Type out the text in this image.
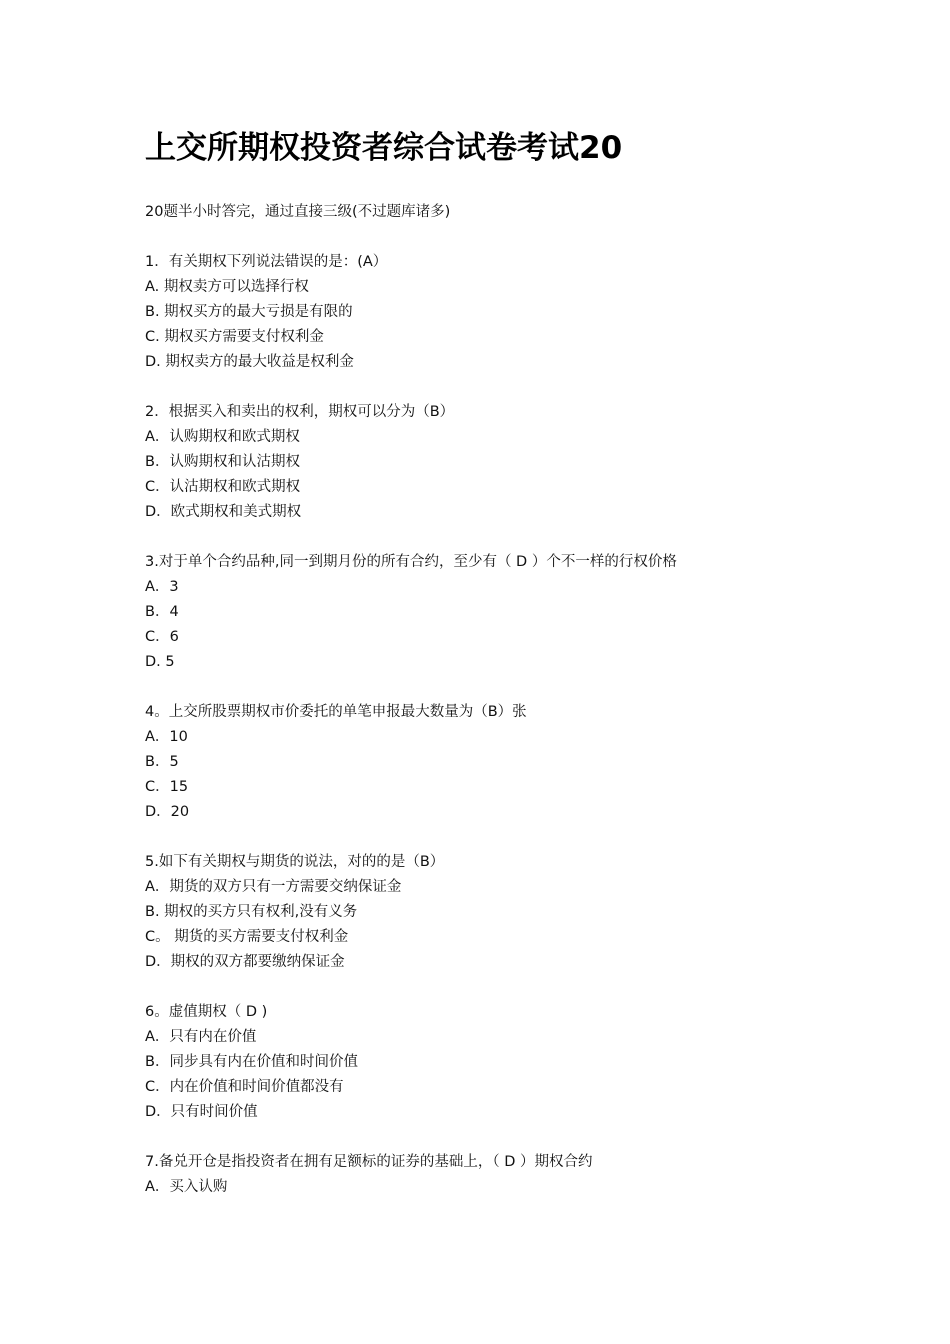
上交所期权投资者综合试卷考试20
20题半小时答完，通过直接三级(不过题库诸多)
1．有关期权下列说法错误的是：(A）
A. 期权卖方可以选择行权
B. 期权买方的最大亏损是有限的
C. 期权买方需要支付权利金
D. 期权卖方的最大收益是权利金
2．根据买入和卖出的权利，期权可以分为（B）
A．认购期权和欧式期权
B．认购期权和认沽期权
C．认沽期权和欧式期权
D．欧式期权和美式期权
3.对于单个合约品种,同一到期月份的所有合约，至少有（ D ）个不一样的行权价格
A．3
B．4
C．6
D. 5
4。上交所股票期权市价委托的单笔申报最大数量为（B）张
A．10
B．5
C．15
D．20
5.如下有关期权与期货的说法，对的的是（B）
A．期货的双方只有一方需要交纳保证金
B. 期权的买方只有权利,没有义务
C。 期货的买方需要支付权利金
D．期权的双方都要缴纳保证金
6。虚值期权（ D )
A．只有内在价值
B．同步具有内在价值和时间价值
C．内在价值和时间价值都没有
D．只有时间价值
7.备兑开仓是指投资者在拥有足额标的证券的基础上，（ D ）期权合约
A．买入认购
